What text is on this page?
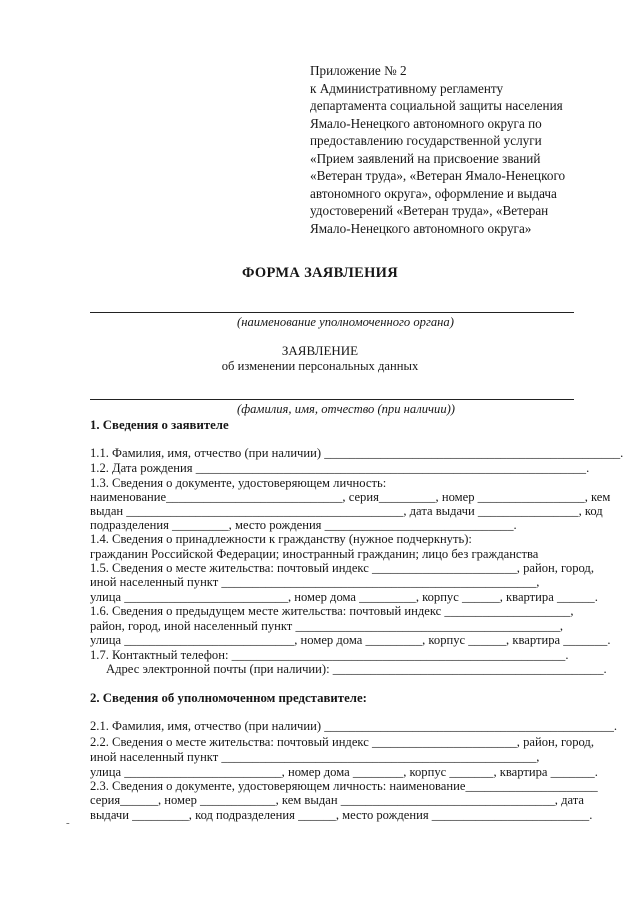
Приложение № 2
к Административному регламенту
департамента социальной защиты населения
Ямало-Ненецкого автономного округа по
предоставлению государственной услуги
«Прием заявлений на присвоение званий
«Ветеран труда», «Ветеран Ямало-Ненецкого
автономного округа», оформление и выдача
удостоверений «Ветеран труда», «Ветеран
Ямало-Ненецкого автономного округа»
ФОРМА ЗАЯВЛЕНИЯ
(наименование уполномоченного органа)
ЗАЯВЛЕНИЕ
об изменении персональных данных
(фамилия, имя, отчество (при наличии))
1. Сведения о заявителе
1.1. Фамилия, имя, отчество (при наличии) _______________________________________________.
1.2. Дата рождения ______________________________________________________________.
1.3. Сведения о документе, удостоверяющем личность:
наименование____________________________, серия_________, номер _________________, кем
выдан ____________________________________________, дата выдачи ________________, код
подразделения _________, место рождения ______________________________.
1.4. Сведения о принадлежности к гражданству (нужное подчеркнуть):
гражданин Российской Федерации; иностранный гражданин; лицо без гражданства
1.5. Сведения о месте жительства: почтовый индекс _______________________, район, город,
иной населенный пункт __________________________________________________,
улица __________________________, номер дома _________, корпус ______, квартира ______.
1.6. Сведения о предыдущем месте жительства: почтовый индекс ____________________,
район, город, иной населенный пункт __________________________________________,
улица ___________________________, номер дома _________, корпус ______, квартира _______.
1.7. Контактный телефон: _____________________________________________________.
Адрес электронной почты (при наличии): ___________________________________________.
2. Сведения об уполномоченном представителе:
2.1. Фамилия, имя, отчество (при наличии) ______________________________________________.
2.2. Сведения о месте жительства: почтовый индекс _______________________, район, город,
иной населенный пункт __________________________________________________,
улица _________________________, номер дома ________, корпус _______, квартира _______.
2.3. Сведения о документе, удостоверяющем личность: наименование_____________________
серия______, номер ____________, кем выдан __________________________________, дата
выдачи _________, код подразделения ______, место рождения _________________________.
-
